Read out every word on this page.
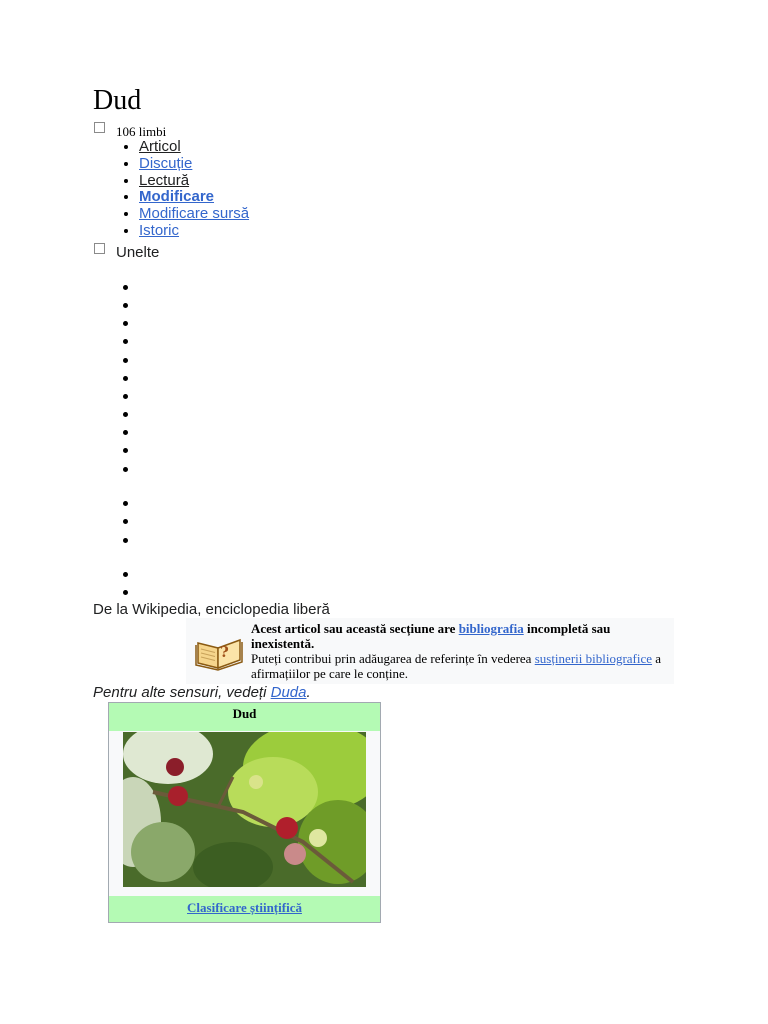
Dud
106 limbi
• Articol
• Discuție
• Lectură
• Modificare
• Modificare sursă
• Istoric
Unelte
De la Wikipedia, enciclopedia liberă
?
Acest articol sau această secțiune are bibliografia incompletă sau inexistentă.
Puteți contribui prin adăugarea de referințe în vederea susținerii bibliografice a afirmațiilor pe care le conține.
Pentru alte sensuri, vedeți Duda.
Dud
Clasificare științifică
